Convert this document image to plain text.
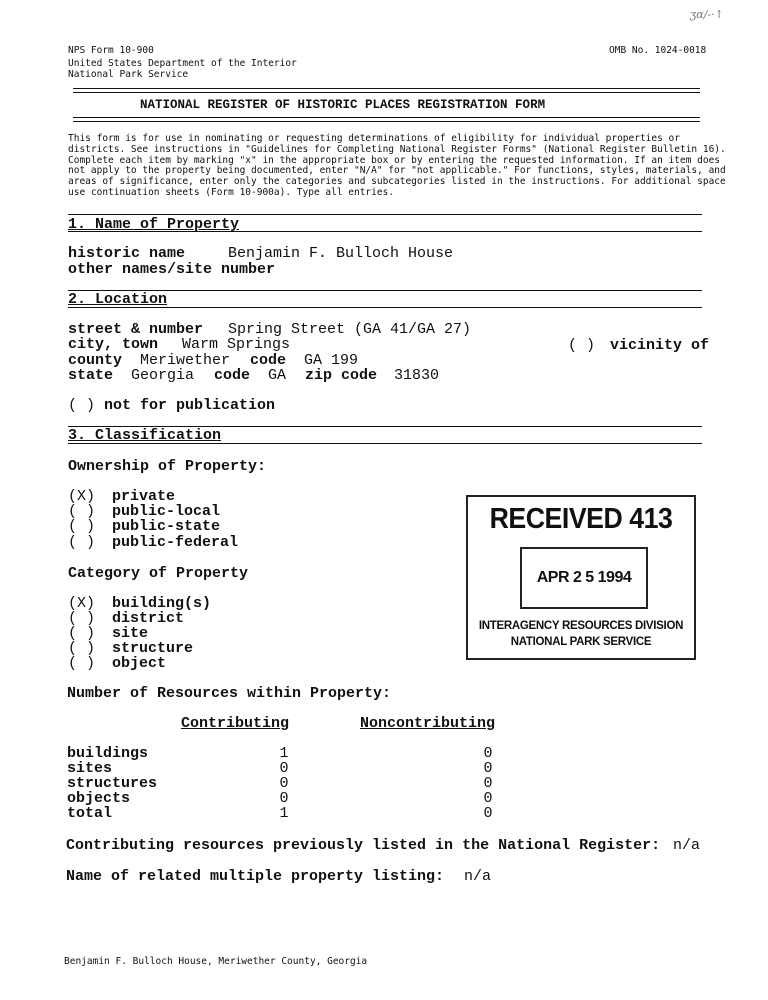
ʒɑ/-·↑
NPS Form 10-900	OMB No. 1024-0018
United States Department of the Interior
National Park Service
NATIONAL REGISTER OF HISTORIC PLACES REGISTRATION FORM
This form is for use in nominating or requesting determinations of eligibility for individual properties or
districts. See instructions in "Guidelines for Completing National Register Forms" (National Register Bulletin 16).
Complete each item by marking "x" in the appropriate box or by entering the requested information. If an item does
not apply to the property being documented, enter "N/A" for "not applicable." For functions, styles, materials, and
areas of significance, enter only the categories and subcategories listed in the instructions. For additional space
use continuation sheets (Form 10-900a). Type all entries.
1. Name of Property
historic name	Benjamin F. Bulloch House
other names/site number
2. Location
street & number Spring Street (GA 41/GA 27)
city, town Warm Springs	( ) vicinity of
county Meriwether code GA 199
state Georgia code GA zip code 31830
( ) not for publication
3. Classification
Ownership of Property:
(X) private
( ) public-local
( ) public-state
( ) public-federal
Category of Property
(X) building(s)
( ) district
( ) site
( ) structure
( ) object
RECEIVED 413
APR 2 5 1994
INTERAGENCY RESOURCES DIVISION
NATIONAL PARK SERVICE
Number of Resources within Property:
Contributing	Noncontributing
buildings	1	0
sites	0	0
structures	0	0
objects	0	0
total	1	0
Contributing resources previously listed in the National Register: n/a
Name of related multiple property listing: n/a
Benjamin F. Bulloch House, Meriwether County, Georgia
